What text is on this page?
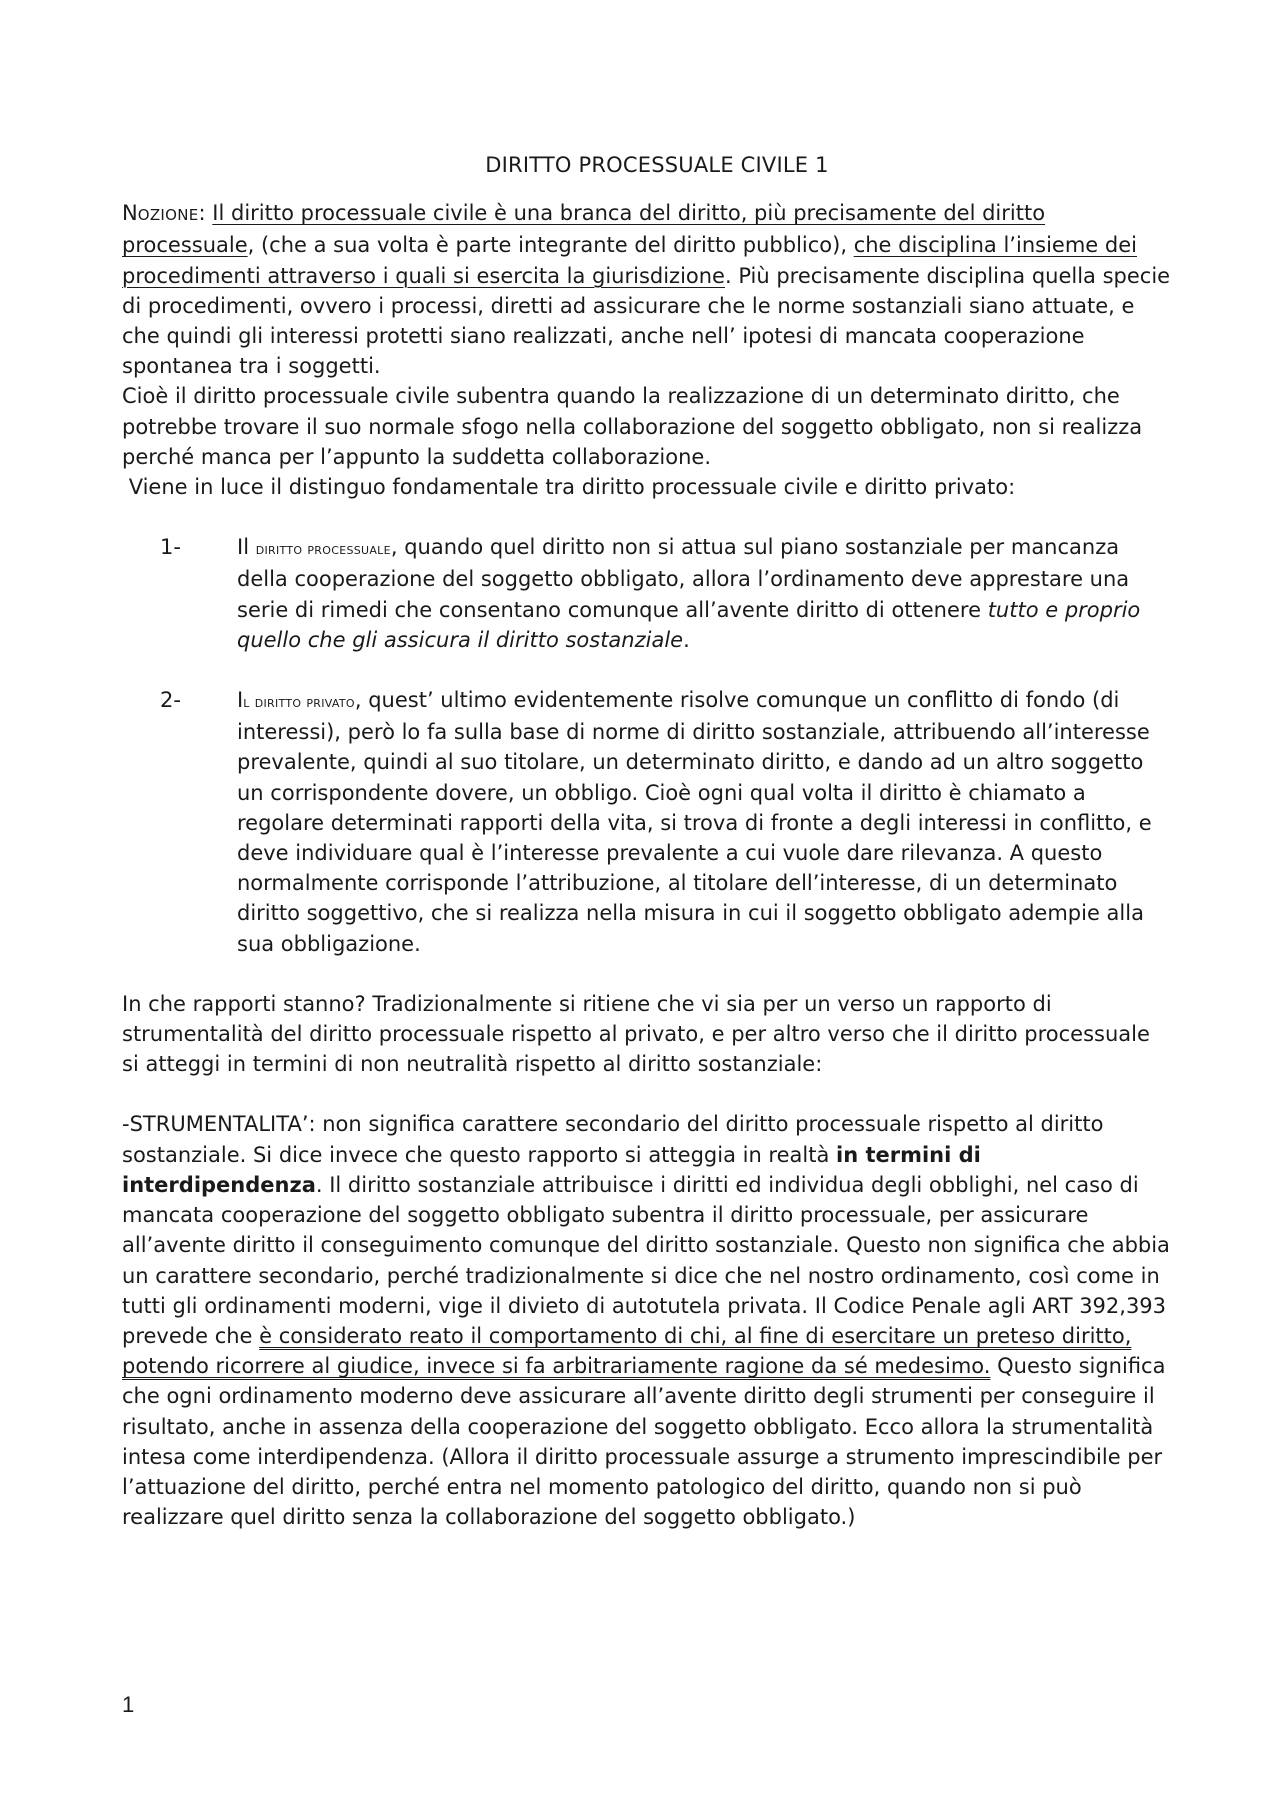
DIRITTO PROCESSUALE CIVILE 1

NOZIONE: Il diritto processuale civile è una branca del diritto, più precisamente del diritto processuale, (che a sua volta è parte integrante del diritto pubblico), che disciplina l’insieme dei procedimenti attraverso i quali si esercita la giurisdizione. Più precisamente disciplina quella specie di procedimenti, ovvero i processi, diretti ad assicurare che le norme sostanziali siano attuate, e che quindi gli interessi protetti siano realizzati, anche nell’ ipotesi di mancata cooperazione spontanea tra i soggetti.

Cioè il diritto processuale civile subentra quando la realizzazione di un determinato diritto, che potrebbe trovare il suo normale sfogo nella collaborazione del soggetto obbligato, non si realizza perché manca per l’appunto la suddetta collaborazione.

Viene in luce il distinguo fondamentale tra diritto processuale civile e diritto privato:

1-	Il diritto processuale, quando quel diritto non si attua sul piano sostanziale per mancanza della cooperazione del soggetto obbligato, allora l’ordinamento deve apprestare una serie di rimedi che consentano comunque all’avente diritto di ottenere tutto e proprio quello che gli assicura il diritto sostanziale.
2-	Il diritto privato, quest’ ultimo evidentemente risolve comunque un conflitto di fondo (di interessi), però lo fa sulla base di norme di diritto sostanziale, attribuendo all’interesse prevalente, quindi al suo titolare, un determinato diritto, e dando ad un altro soggetto un corrispondente dovere, un obbligo. Cioè ogni qual volta il diritto è chiamato a regolare determinati rapporti della vita, si trova di fronte a degli interessi in conflitto, e deve individuare qual è l’interesse prevalente a cui vuole dare rilevanza. A questo normalmente corrisponde l’attribuzione, al titolare dell’interesse, di un determinato diritto soggettivo, che si realizza nella misura in cui il soggetto obbligato adempie alla sua obbligazione.

In che rapporti stanno? Tradizionalmente si ritiene che vi sia per un verso un rapporto di strumentalità del diritto processuale rispetto al privato, e per altro verso che il diritto processuale si atteggi in termini di non neutralità rispetto al diritto sostanziale:

-STRUMENTALITA’: non significa carattere secondario del diritto processuale rispetto al diritto sostanziale. Si dice invece che questo rapporto si atteggia in realtà in termini di interdipendenza. Il diritto sostanziale attribuisce i diritti ed individua degli obblighi, nel caso di mancata cooperazione del soggetto obbligato subentra il diritto processuale, per assicurare all’avente diritto il conseguimento comunque del diritto sostanziale. Questo non significa che abbia un carattere secondario, perché tradizionalmente si dice che nel nostro ordinamento, così come in tutti gli ordinamenti moderni, vige il divieto di autotutela privata. Il Codice Penale agli ART 392,393 prevede che è considerato reato il comportamento di chi, al fine di esercitare un preteso diritto, potendo ricorrere al giudice, invece si fa arbitrariamente ragione da sé medesimo. Questo significa che ogni ordinamento moderno deve assicurare all’avente diritto degli strumenti per conseguire il risultato, anche in assenza della cooperazione del soggetto obbligato. Ecco allora la strumentalità intesa come interdipendenza. (Allora il diritto processuale assurge a strumento imprescindibile per l’attuazione del diritto, perché entra nel momento patologico del diritto, quando non si può realizzare quel diritto senza la collaborazione del soggetto obbligato.)

1
